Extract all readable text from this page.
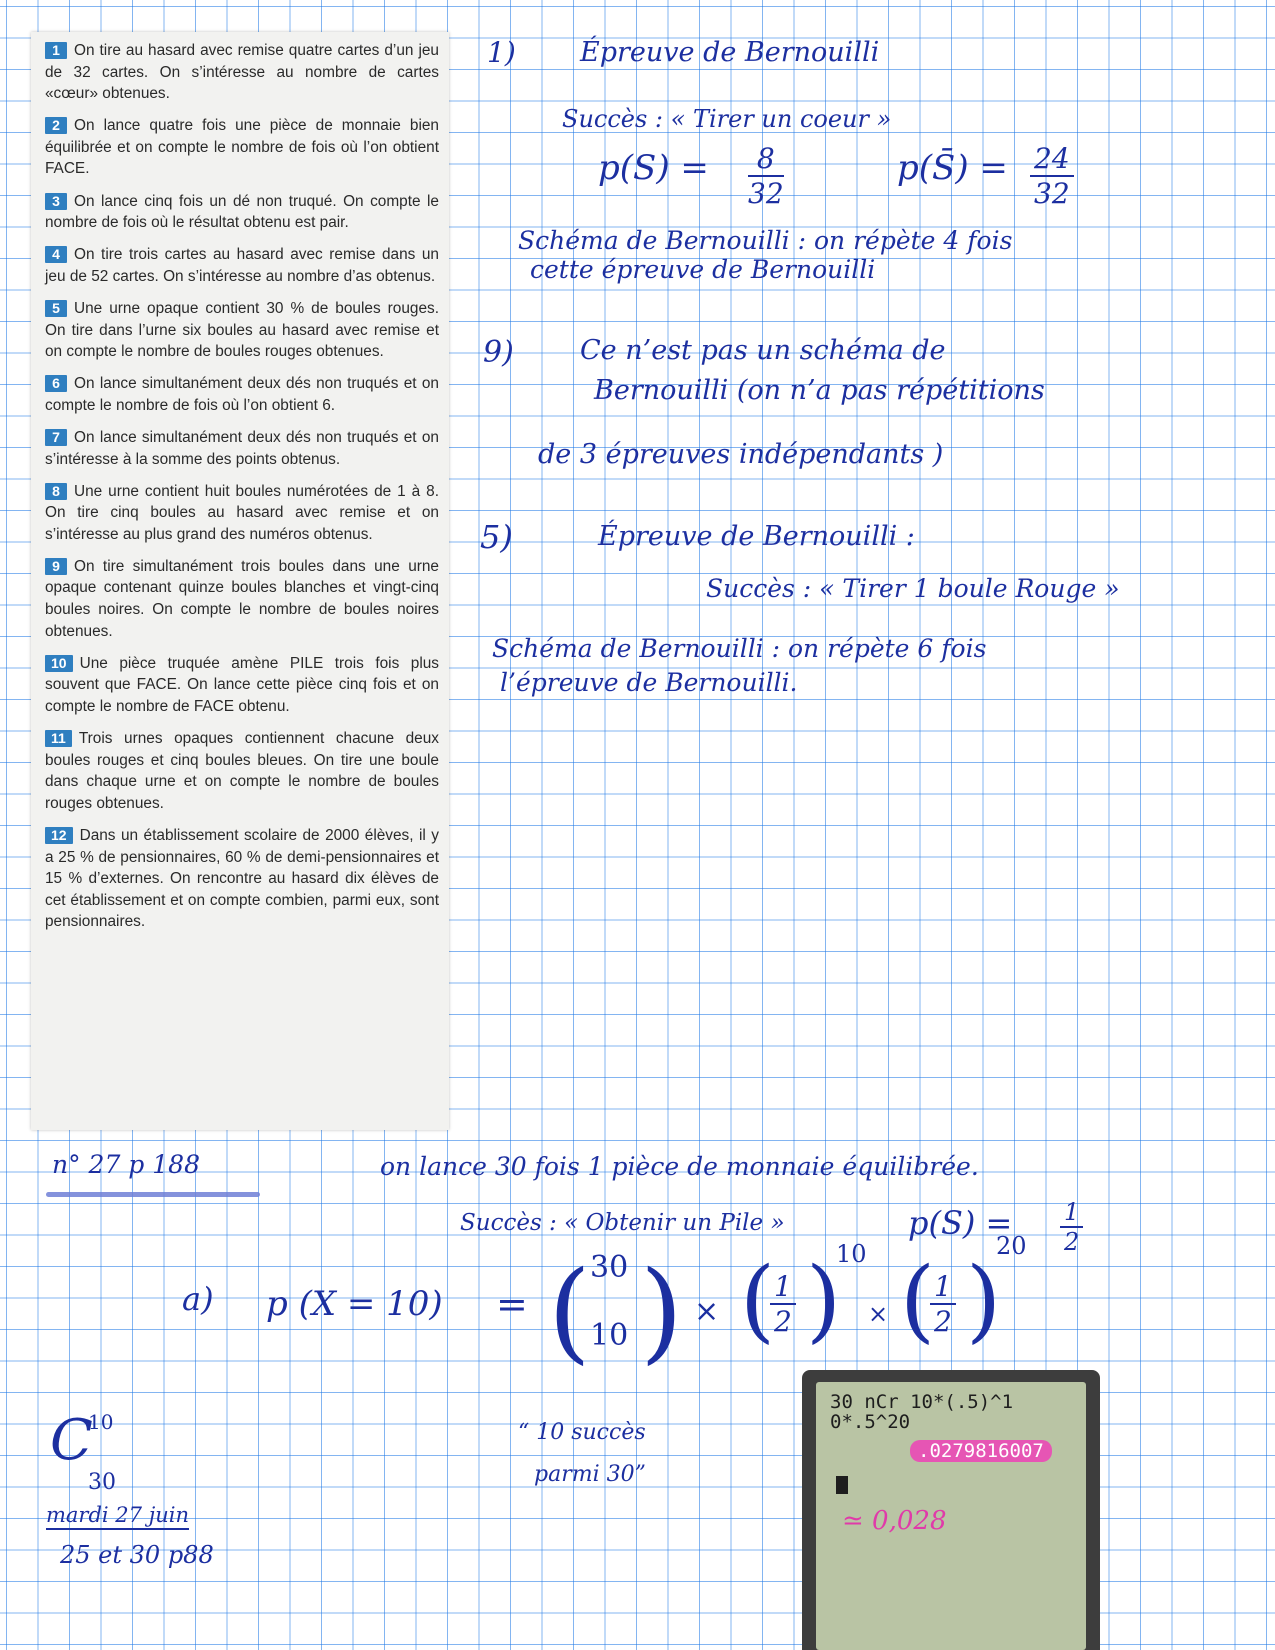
1 On tire au hasard avec remise quatre cartes d’un jeu de 32 cartes. On s’intéresse au nombre de cartes «cœur» obtenues.

2 On lance quatre fois une pièce de monnaie bien équilibrée et on compte le nombre de fois où l’on obtient FACE.

3 On lance cinq fois un dé non truqué. On compte le nombre de fois où le résultat obtenu est pair.

4 On tire trois cartes au hasard avec remise dans un jeu de 52 cartes. On s’intéresse au nombre d’as obtenus.

5 Une urne opaque contient 30 % de boules rouges. On tire dans l’urne six boules au hasard avec remise et on compte le nombre de boules rouges obtenues.

6 On lance simultanément deux dés non truqués et on compte le nombre de fois où l’on obtient 6.

7 On lance simultanément deux dés non truqués et on s’intéresse à la somme des points obtenus.

8 Une urne contient huit boules numérotées de 1 à 8. On tire cinq boules au hasard avec remise et on s’intéresse au plus grand des numéros obtenus.

9 On tire simultanément trois boules dans une urne opaque contenant quinze boules blanches et vingt-cinq boules noires. On compte le nombre de boules noires obtenues.

10 Une pièce truquée amène PILE trois fois plus souvent que FACE. On lance cette pièce cinq fois et on compte le nombre de FACE obtenu.

11 Trois urnes opaques contiennent chacune deux boules rouges et cinq boules bleues. On tire une boule dans chaque urne et on compte le nombre de boules rouges obtenues.

12 Dans un établissement scolaire de 2000 élèves, il y a 25 % de pensionnaires, 60 % de demi-pensionnaires et 15 % d’externes. On rencontre au hasard dix élèves de cet établissement et on compte combien, parmi eux, sont pensionnaires.

1) Épreuve de Bernouilli
Succès : « Tirer un coeur »
$p(S) = \frac{8}{32}$	p(S̄) = $\frac{24}{32}$
Schéma de Bernouilli : on répète 4 fois
cette épreuve de Bernouilli
9) Ce n’est pas un schéma de
Bernouilli (on n’a pas répétitions
de 3 épreuves indépendants )
5)	Épreuve de Bernouilli :
Succès : « Tirer 1 boule Rouge »
Schéma de Bernouilli : on répète 6 fois
l’épreuve de Bernouilli.
n° 27 p 188	on lance 30 fois 1 pièce de monnaie équilibrée.
Succès : « Obtenir un Pile »	$p(S) = \frac{1}{2}$
a) p (X = 10) = ( 30
10 ) × (
$\frac{1}{2}$ )
10
× (
$\frac{1}{2}$ )
20
C
10
30
mardi 27 juin
25 et 30 p88
“ 10 succès
parmi 30”
30 nCr 10*(.5)^1
0*.5^20
.0279816007
≃ 0,028
